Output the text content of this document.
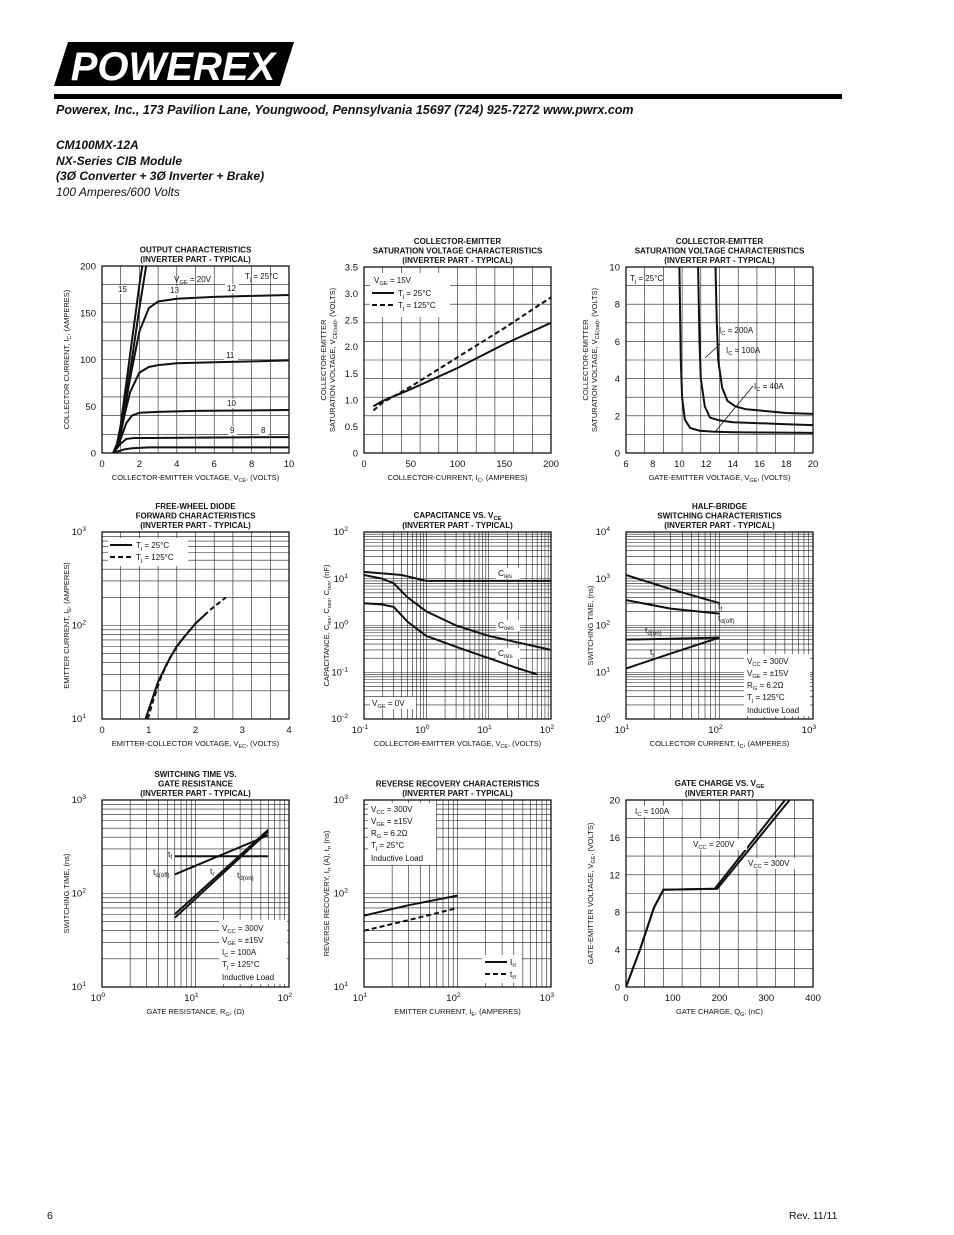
POWEREX
Powerex, Inc., 173 Pavilion Lane, Youngwood, Pennsylvania 15697 (724) 925-7272 www.pwrx.com
CM100MX-12A
NX-Series CIB Module
(3Ø Converter + 3Ø Inverter + Brake)
100 Amperes/600 Volts
0	2	4	6	8	10
0
50
100
150
200
OUTPUT CHARACTERISTICS
(INVERTER PART - TYPICAL)
COLLECTOR-EMITTER VOLTAGE, $V_{CE}$, (VOLTS)
COLLECTOR CURRENT, $I_C$, (AMPERES)
15	13	12
11
10
9	8
$V_{GE} = 20V$	$T_j = 25^\circ C$
0	50	100	150	200
0
0.5
1.0
1.5
2.0
2.5
3.0
3.5
COLLECTOR-EMITTER
SATURATION VOLTAGE CHARACTERISTICS
(INVERTER PART - TYPICAL)
COLLECTOR-CURRENT, $I_C$, (AMPERES)
COLLECTOR-EMITTER SATURATION VOLTAGE, $V_{CE(sat)}$, (VOLTS)
$V_{GE} = 15V$
$T_j = 25^\circ C$
$T_j = 125^\circ C$
6 8 10 12 14 16 18 20
0
2
4
6
8
10
COLLECTOR-EMITTER
SATURATION VOLTAGE CHARACTERISTICS
(INVERTER PART - TYPICAL)
GATE-EMITTER VOLTAGE, $V_{GE}$, (VOLTS)
COLLECTOR-EMITTER SATURATION VOLTAGE, $V_{CE(sat)}$, (VOLTS)
$T_j = 25^\circ C$
$I_C = 200A$
$I_C = 100A$
$I_C = 40A$
0	1	2	3	4
$10^1$
$10^2$
$10^3$
FREE-WHEEL DIODE
FORWARD CHARACTERISTICS
(INVERTER PART - TYPICAL)
EMITTER-COLLECTOR VOLTAGE, $V_{EC}$, (VOLTS)
EMITTER CURRENT, $I_E$, (AMPERES)
$T_j = 25^\circ C$
$T_j = 125^\circ C$
$10^{-1}$	$10^0$	$10^1$	$10^2$
$10^{-2}$
$10^{-1}$
$10^0$
$10^1$
$10^2$
CAPACITANCE VS. $V_{CE}$
(INVERTER PART - TYPICAL)
COLLECTOR-EMITTER VOLTAGE, $V_{CE}$, (VOLTS)
CAPACITANCE, $C_{ies}$, $C_{oes}$, $C_{res}$, (nF)	$C_{ies}$
$C_{oes}$
$C_{res}$
$V_{GE} = 0V$
$10^1$	$10^2$	$10^3$
$10^0$
$10^1$
$10^2$
$10^3$
$10^4$
HALF-BRIDGE
SWITCHING CHARACTERISTICS
(INVERTER PART - TYPICAL)
COLLECTOR CURRENT, $I_C$, (AMPERES)
SWITCHING TIME, (ns)	$t_f$
$t_{d(off)}$
$t_{d(on)}$
$t_r$
$V_{CC} = 300V$
$V_{GE} = \pm 15V$
$R_G = 6.2\Omega$
$T_j = 125^\circ C$
Inductive Load
$10^0$	$10^1$	$10^2$
$10^1$
$10^2$
$10^3$
SWITCHING TIME VS.
GATE RESISTANCE
(INVERTER PART - TYPICAL)
GATE RESISTANCE, $R_G$, (Ω)
SWITCHING TIME, (ns)	$t_f$
$t_{d(off)}$	$t_r$	$t_{d(on)}$
$V_{CC} = 300V$
$V_{GE} = \pm 15V$
$I_C = 100A$
$T_j = 125^\circ C$
Inductive Load
$10^1$	$10^2$	$10^3$
$10^1$
$10^2$
$10^3$
REVERSE RECOVERY CHARACTERISTICS
(INVERTER PART - TYPICAL)
EMITTER CURRENT, $I_E$, (AMPERES)
REVERSE RECOVERY, $I_{rr}$ (A), $t_{rr}$ (ns)
$V_{CC} = 300V$
$V_{GE} = \pm 15V$
$R_G = 6.2\Omega$
$T_j = 25^\circ C$
Inductive Load
$I_{rr}$
$t_{rr}$
0	100	200	300	400
0
4
8
12
16
20
GATE CHARGE VS. $V_{GE}$
(INVERTER PART)
GATE CHARGE, $Q_G$, (nC)
GATE-EMITTER VOLTAGE, $V_{GE}$, (VOLTS)
$I_C = 100A$
$V_{CC} = 200V$
$V_{CC} = 300V$
6	Rev. 11/11
